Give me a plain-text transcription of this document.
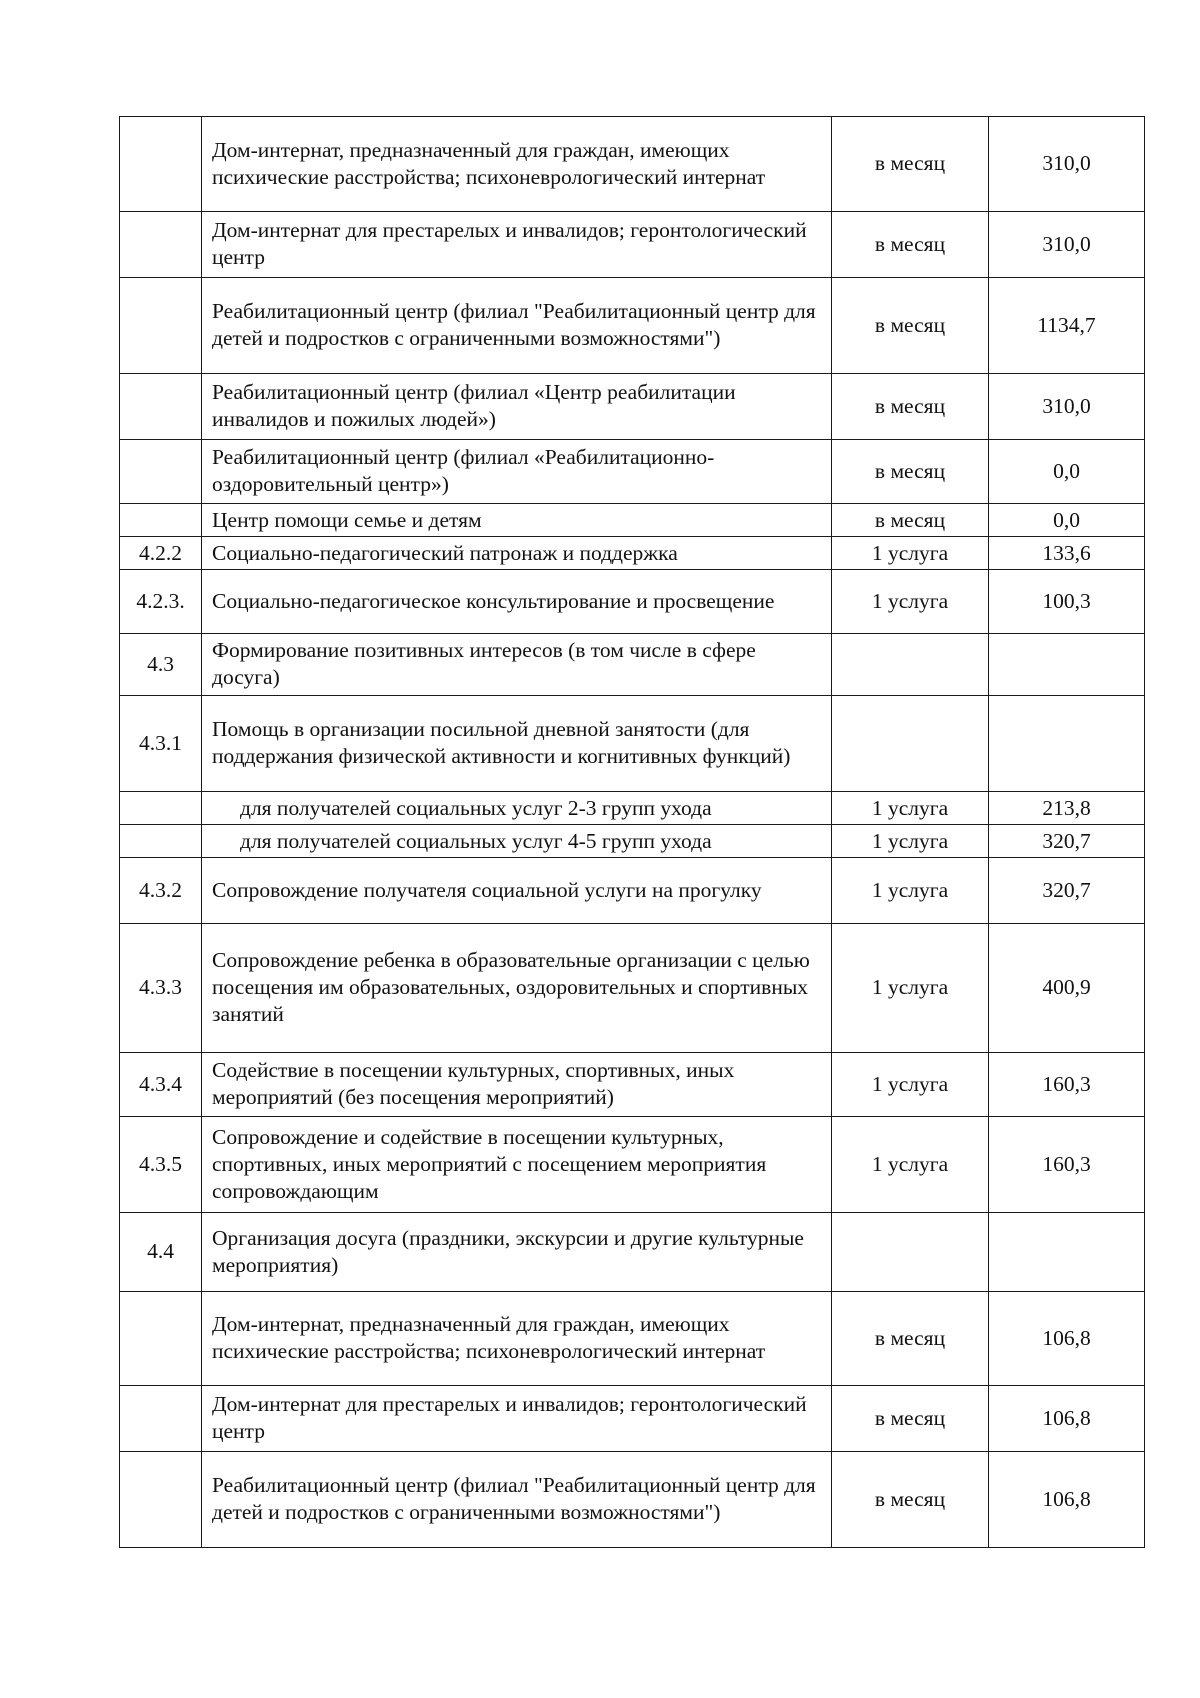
	Дом-интернат, предназначенный для граждан, имеющих психические расстройства; психоневрологический интернат	в месяц	310,0
	Дом-интернат для престарелых и инвалидов; геронтологический центр	в месяц	310,0
	Реабилитационный центр (филиал "Реабилитационный центр для детей и подростков с ограниченными возможностями")	в месяц	1134,7
	Реабилитационный центр (филиал «Центр реабилитации инвалидов и пожилых людей»)	в месяц	310,0
	Реабилитационный центр (филиал «Реабилитационно-оздоровительный центр»)	в месяц	0,0
	Центр помощи семье и детям	в месяц	0,0
4.2.2	Социально-педагогический патронаж и поддержка	1 услуга	133,6
4.2.3.	Социально-педагогическое консультирование и просвещение	1 услуга	100,3
4.3	Формирование позитивных интересов (в том числе в сфере досуга)		
4.3.1	Помощь в организации посильной дневной занятости (для поддержания физической активности и когнитивных функций)		
	для получателей социальных услуг 2-3 групп ухода	1 услуга	213,8
	для получателей социальных услуг 4-5 групп ухода	1 услуга	320,7
4.3.2	Сопровождение получателя социальной услуги на прогулку	1 услуга	320,7
4.3.3	Сопровождение ребенка в образовательные организации с целью посещения им образовательных, оздоровительных и спортивных занятий	1 услуга	400,9
4.3.4	Содействие в посещении культурных, спортивных, иных мероприятий (без посещения мероприятий)	1 услуга	160,3
4.3.5	Сопровождение и содействие в посещении культурных, спортивных, иных мероприятий с посещением мероприятия сопровождающим	1 услуга	160,3
4.4	Организация досуга (праздники, экскурсии и другие культурные мероприятия)		
	Дом-интернат, предназначенный для граждан, имеющих психические расстройства; психоневрологический интернат	в месяц	106,8
	Дом-интернат для престарелых и инвалидов; геронтологический центр	в месяц	106,8
	Реабилитационный центр (филиал "Реабилитационный центр для детей и подростков с ограниченными возможностями")	в месяц	106,8
